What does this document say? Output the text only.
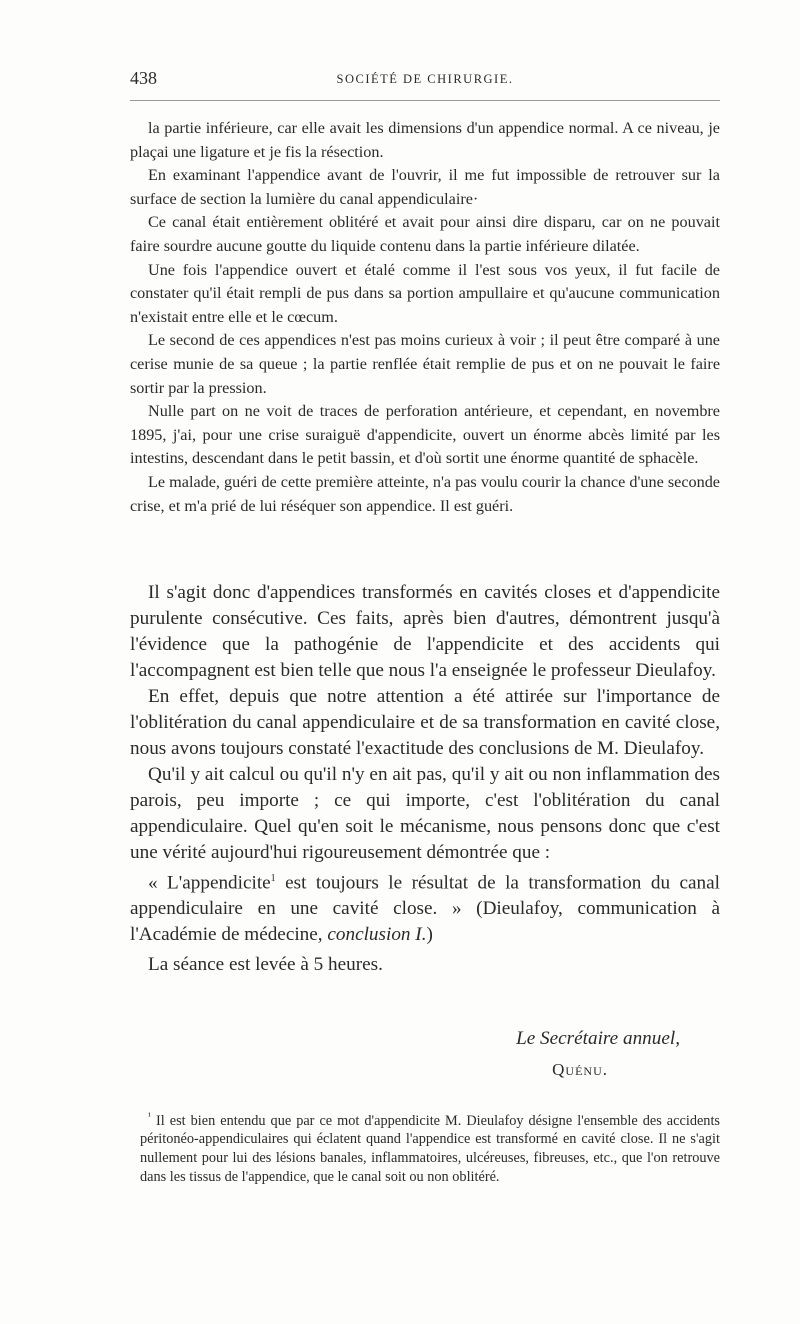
438	SOCIÉTÉ DE CHIRURGIE.

la partie inférieure, car elle avait les dimensions d'un appendice normal. A ce niveau, je plaçai une ligature et je fis la résection.

En examinant l'appendice avant de l'ouvrir, il me fut impossible de retrouver sur la surface de section la lumière du canal appendiculaire·

Ce canal était entièrement oblitéré et avait pour ainsi dire disparu, car on ne pouvait faire sourdre aucune goutte du liquide contenu dans la partie inférieure dilatée.

Une fois l'appendice ouvert et étalé comme il l'est sous vos yeux, il fut facile de constater qu'il était rempli de pus dans sa portion ampullaire et qu'aucune communication n'existait entre elle et le cœcum.

Le second de ces appendices n'est pas moins curieux à voir ; il peut être comparé à une cerise munie de sa queue ; la partie renflée était remplie de pus et on ne pouvait le faire sortir par la pression.

Nulle part on ne voit de traces de perforation antérieure, et cependant, en novembre 1895, j'ai, pour une crise suraiguë d'appendicite, ouvert un énorme abcès limité par les intestins, descendant dans le petit bassin, et d'où sortit une énorme quantité de sphacèle.

Le malade, guéri de cette première atteinte, n'a pas voulu courir la chance d'une seconde crise, et m'a prié de lui réséquer son appendice. Il est guéri.

Il s'agit donc d'appendices transformés en cavités closes et d'appendicite purulente consécutive. Ces faits, après bien d'autres, démontrent jusqu'à l'évidence que la pathogénie de l'appendicite et des accidents qui l'accompagnent est bien telle que nous l'a enseignée le professeur Dieulafoy.

En effet, depuis que notre attention a été attirée sur l'importance de l'oblitération du canal appendiculaire et de sa transformation en cavité close, nous avons toujours constaté l'exactitude des conclusions de M. Dieulafoy.

Qu'il y ait calcul ou qu'il n'y en ait pas, qu'il y ait ou non inflammation des parois, peu importe ; ce qui importe, c'est l'oblitération du canal appendiculaire. Quel qu'en soit le mécanisme, nous pensons donc que c'est une vérité aujourd'hui rigoureusement démontrée que :

« L'appendicite$^1$ est toujours le résultat de la transformation du canal appendiculaire en une cavité close. » (Dieulafoy, communication à l'Académie de médecine, conclusion I.)

La séance est levée à 5 heures.

Le Secrétaire annuel,
Quénu.

$^{^1}$ Il est bien entendu que par ce mot d'appendicite M. Dieulafoy désigne l'ensemble des accidents péritonéo-appendiculaires qui éclatent quand l'appendice est transformé en cavité close. Il ne s'agit nullement pour lui des lésions banales, inflammatoires, ulcéreuses, fibreuses, etc., que l'on retrouve dans les tissus de l'appendice, que le canal soit ou non oblitéré.
